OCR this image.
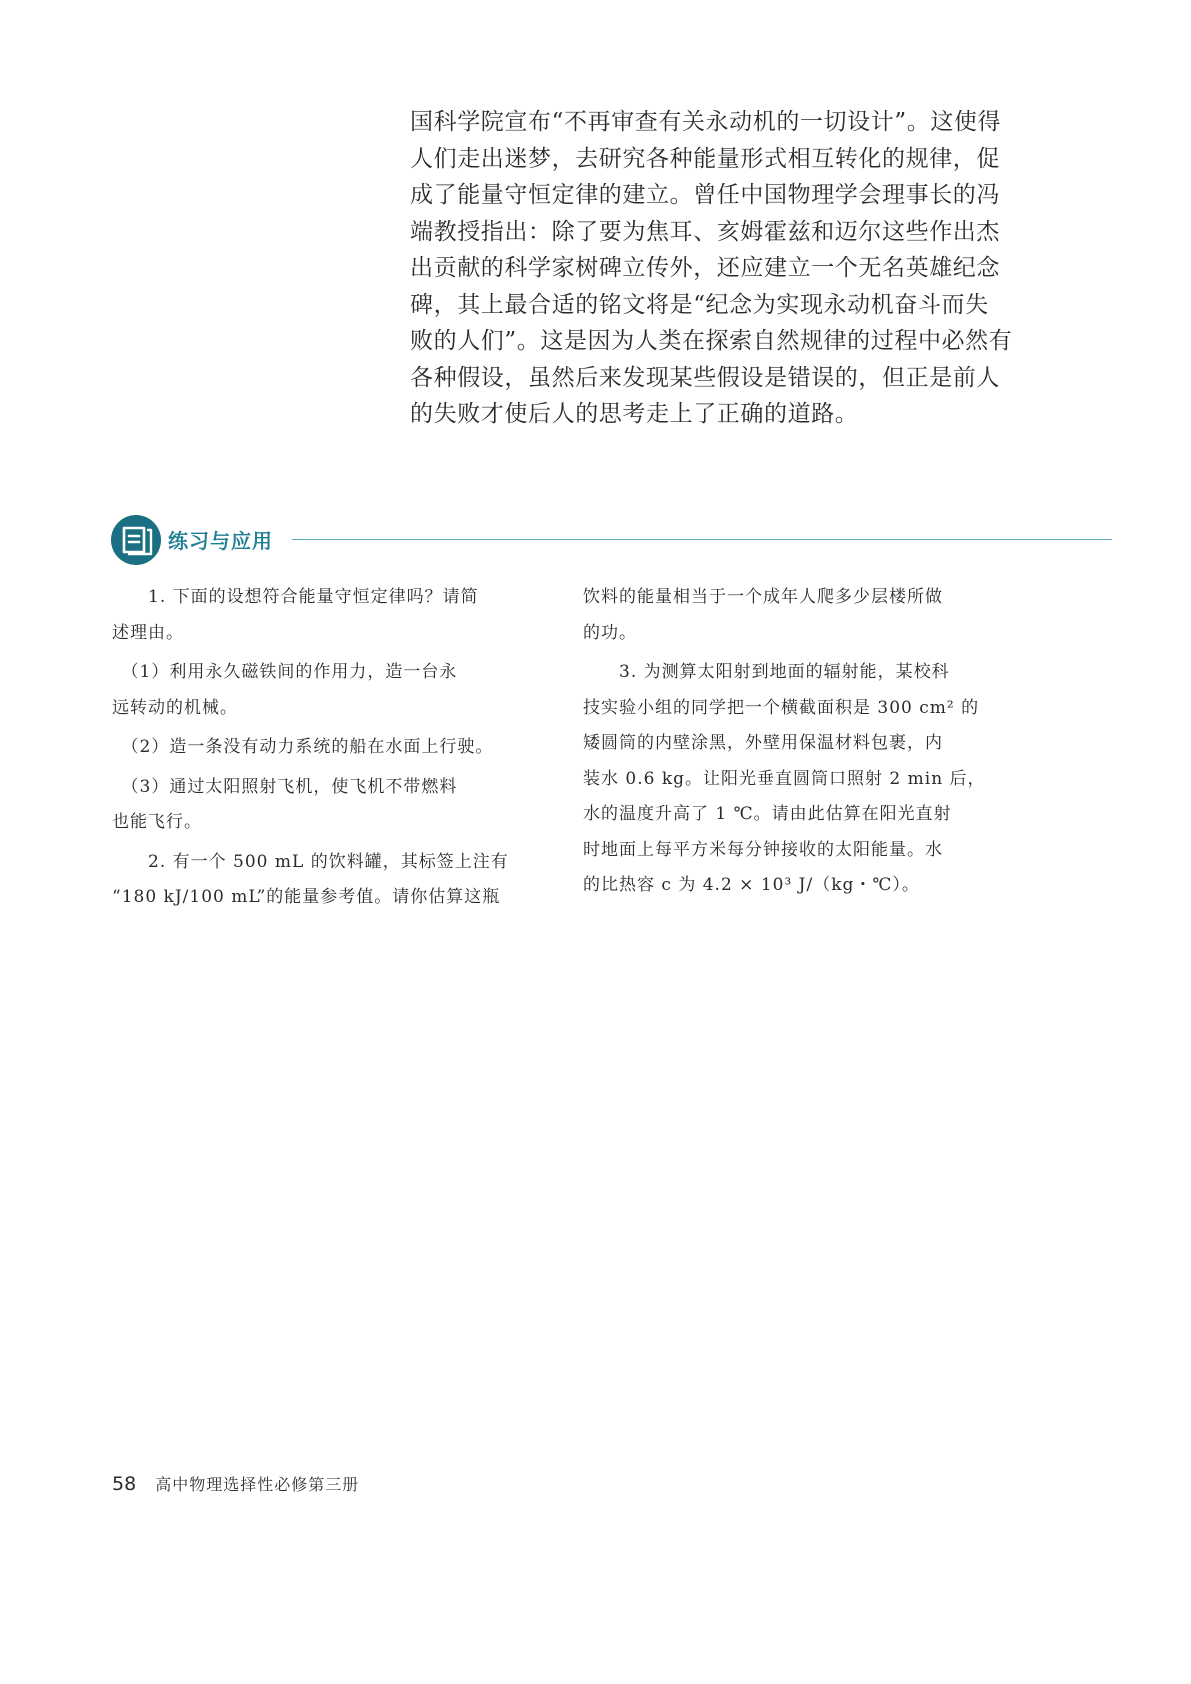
国科学院宣布“不再审查有关永动机的一切设计”。这使得
人们走出迷梦，去研究各种能量形式相互转化的规律，促
成了能量守恒定律的建立。曾任中国物理学会理事长的冯
端教授指出：除了要为焦耳、亥姆霍兹和迈尔这些作出杰
出贡献的科学家树碑立传外，还应建立一个无名英雄纪念
碑，其上最合适的铭文将是“纪念为实现永动机奋斗而失
败的人们”。这是因为人类在探索自然规律的过程中必然有
各种假设，虽然后来发现某些假设是错误的，但正是前人
的失败才使后人的思考走上了正确的道路。
练习与应用
　　1. 下面的设想符合能量守恒定律吗？请简
述理由。
　（1）利用永久磁铁间的作用力，造一台永
远转动的机械。
　（2）造一条没有动力系统的船在水面上行驶。
　（3）通过太阳照射飞机，使飞机不带燃料
也能飞行。
　　2. 有一个 500 mL 的饮料罐，其标签上注有
“180 kJ/100 mL”的能量参考值。请你估算这瓶
饮料的能量相当于一个成年人爬多少层楼所做
的功。
　　3. 为测算太阳射到地面的辐射能，某校科
技实验小组的同学把一个横截面积是 300 cm² 的
矮圆筒的内壁涂黑，外壁用保温材料包裹，内
装水 0.6 kg。让阳光垂直圆筒口照射 2 min 后，
水的温度升高了 1 ℃。请由此估算在阳光直射
时地面上每平方米每分钟接收的太阳能量。水
的比热容 c 为 4.2 × 10³ J/（kg・℃）。
58 高中物理选择性必修第三册
